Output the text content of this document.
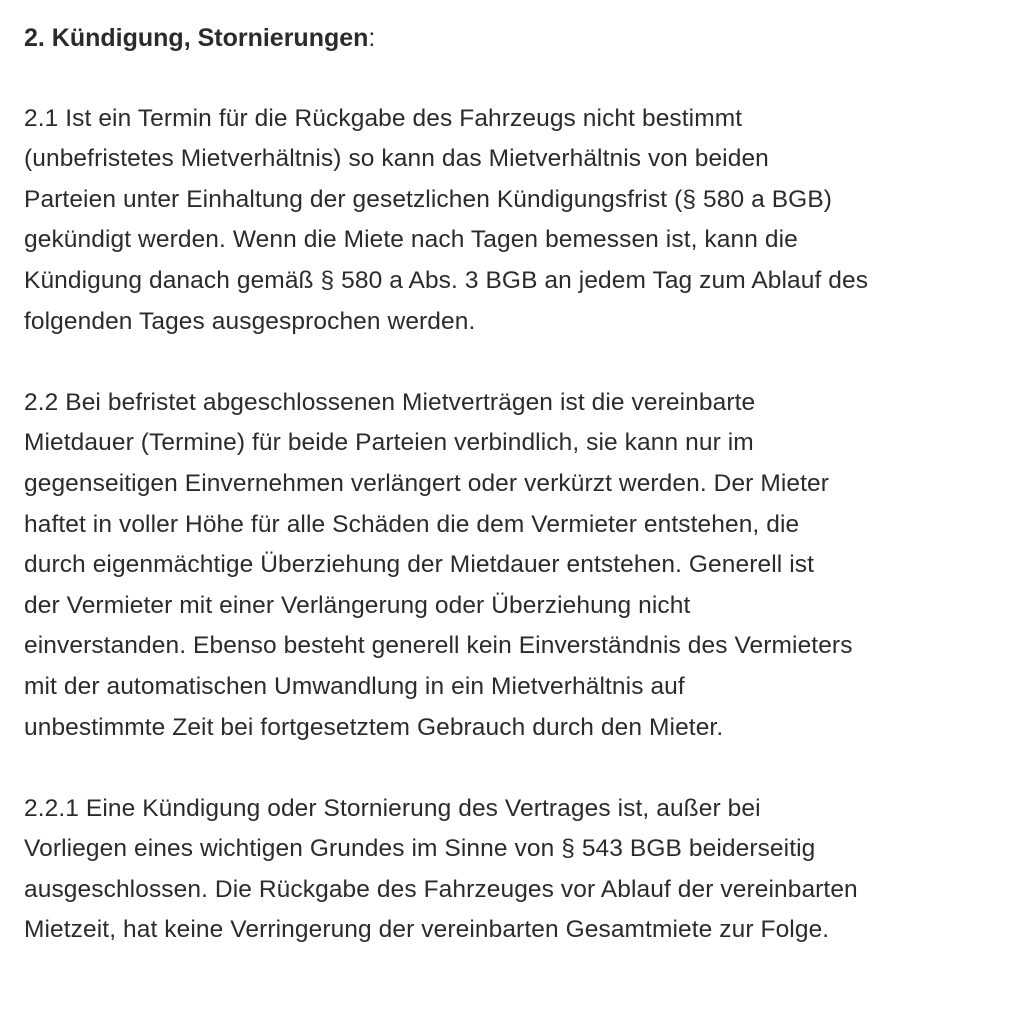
2. Kündigung, Stornierungen:

2.1 Ist ein Termin für die Rückgabe des Fahrzeugs nicht bestimmt
(unbefristetes Mietverhältnis) so kann das Mietverhältnis von beiden
Parteien unter Einhaltung der gesetzlichen Kündigungsfrist (§ 580 a BGB)
gekündigt werden. Wenn die Miete nach Tagen bemessen ist, kann die
Kündigung danach gemäß § 580 a Abs. 3 BGB an jedem Tag zum Ablauf des
folgenden Tages ausgesprochen werden.

2.2 Bei befristet abgeschlossenen Mietverträgen ist die vereinbarte
Mietdauer (Termine) für beide Parteien verbindlich, sie kann nur im
gegenseitigen Einvernehmen verlängert oder verkürzt werden. Der Mieter
haftet in voller Höhe für alle Schäden die dem Vermieter entstehen, die
durch eigenmächtige Überziehung der Mietdauer entstehen. Generell ist
der Vermieter mit einer Verlängerung oder Überziehung nicht
einverstanden. Ebenso besteht generell kein Einverständnis des Vermieters
mit der automatischen Umwandlung in ein Mietverhältnis auf
unbestimmte Zeit bei fortgesetztem Gebrauch durch den Mieter.

2.2.1 Eine Kündigung oder Stornierung des Vertrages ist, außer bei
Vorliegen eines wichtigen Grundes im Sinne von § 543 BGB beiderseitig
ausgeschlossen. Die Rückgabe des Fahrzeuges vor Ablauf der vereinbarten
Mietzeit, hat keine Verringerung der vereinbarten Gesamtmiete zur Folge.
